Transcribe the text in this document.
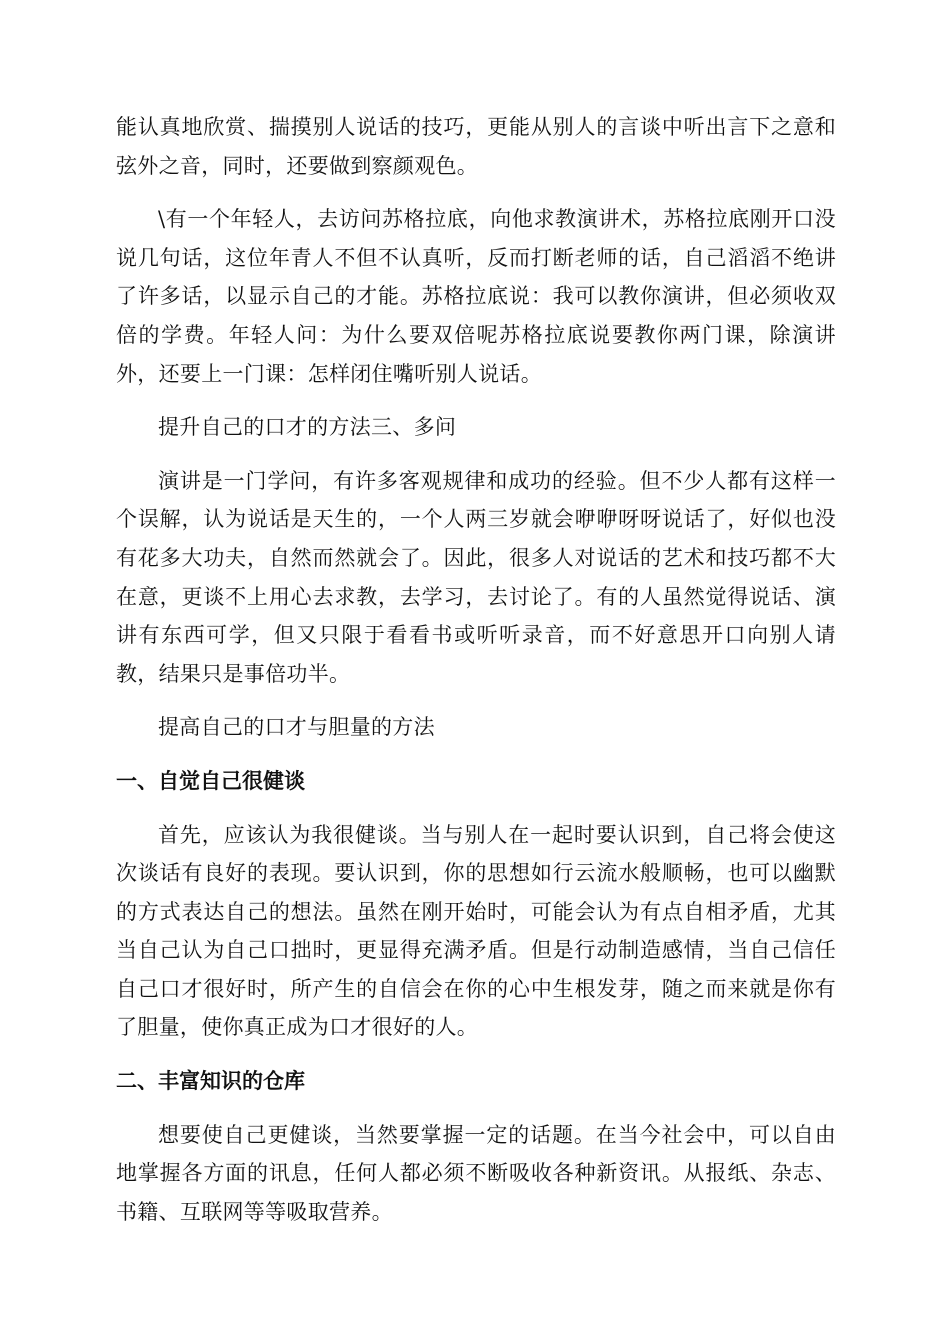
能认真地欣赏、揣摸别人说话的技巧，更能从别人的言谈中听出言下之意和弦外之音，同时，还要做到察颜观色。

\有一个年轻人，去访问苏格拉底，向他求教演讲术，苏格拉底刚开口没说几句话，这位年青人不但不认真听，反而打断老师的话，自己滔滔不绝讲了许多话，以显示自己的才能。苏格拉底说：我可以教你演讲，但必须收双倍的学费。年轻人问：为什么要双倍呢苏格拉底说要教你两门课，除演讲外，还要上一门课：怎样闭住嘴听别人说话。

提升自己的口才的方法三、多问

演讲是一门学问，有许多客观规律和成功的经验。但不少人都有这样一个误解，认为说话是天生的，一个人两三岁就会咿咿呀呀说话了，好似也没有花多大功夫，自然而然就会了。因此，很多人对说话的艺术和技巧都不大在意，更谈不上用心去求教，去学习，去讨论了。有的人虽然觉得说话、演讲有东西可学，但又只限于看看书或听听录音，而不好意思开口向别人请教，结果只是事倍功半。

提高自己的口才与胆量的方法

一、自觉自己很健谈

首先，应该认为我很健谈。当与别人在一起时要认识到，自己将会使这次谈话有良好的表现。要认识到，你的思想如行云流水般顺畅，也可以幽默的方式表达自己的想法。虽然在刚开始时，可能会认为有点自相矛盾，尤其当自己认为自己口拙时，更显得充满矛盾。但是行动制造感情，当自己信任自己口才很好时，所产生的自信会在你的心中生根发芽，随之而来就是你有了胆量，使你真正成为口才很好的人。

二、丰富知识的仓库

想要使自己更健谈，当然要掌握一定的话题。在当今社会中，可以自由地掌握各方面的讯息，任何人都必须不断吸收各种新资讯。从报纸、杂志、书籍、互联网等等吸取营养。
